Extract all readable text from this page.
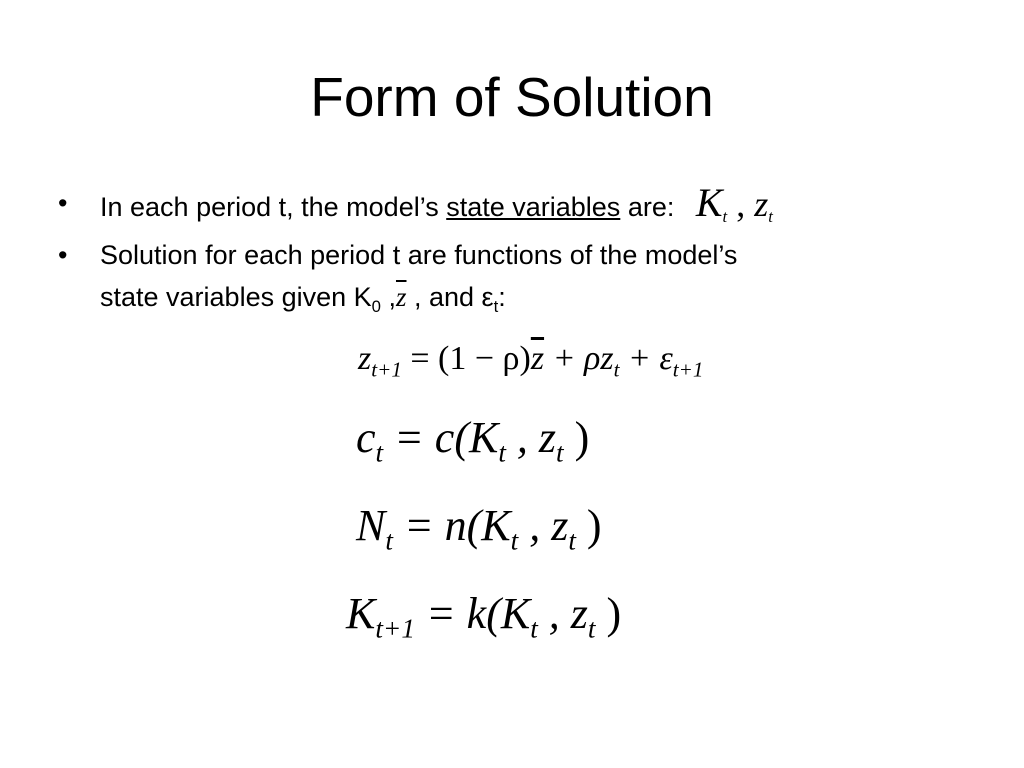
Form of Solution
• In each period t, the model’s state variables are: $K_t$ , $z_t$
• Solution for each period t are functions of the model’s
state variables given $K_0$ $,\overline{z}$ , and $\varepsilon_t$:
$z_{t+1} = (1 - \rho)\overline{z} + \rho z_t + \varepsilon_{t+1}$
$c_t = c(K_t$ , $z_t$ )
$N_t = n(K_t$ , $z_t$ )
$K_{t+1} = k(K_t$ , $z_t$ )
